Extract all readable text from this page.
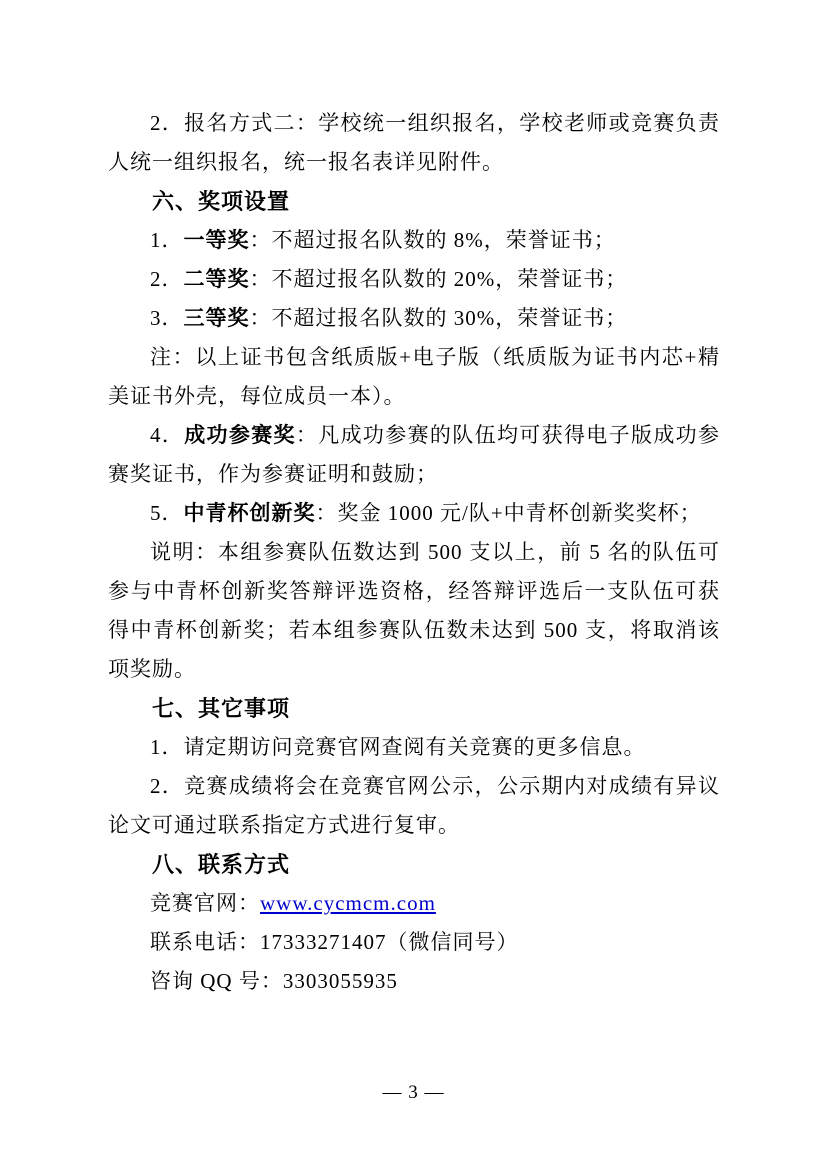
2．报名方式二：学校统一组织报名，学校老师或竞赛负责人统一组织报名，统一报名表详见附件。

六、奖项设置

1．一等奖：不超过报名队数的 8%，荣誉证书；

2．二等奖：不超过报名队数的 20%，荣誉证书；

3．三等奖：不超过报名队数的 30%，荣誉证书；

注：以上证书包含纸质版+电子版（纸质版为证书内芯+精美证书外壳，每位成员一本）。

4．成功参赛奖：凡成功参赛的队伍均可获得电子版成功参赛奖证书，作为参赛证明和鼓励；

5．中青杯创新奖：奖金 1000 元/队+中青杯创新奖奖杯；

说明：本组参赛队伍数达到 500 支以上，前 5 名的队伍可参与中青杯创新奖答辩评选资格，经答辩评选后一支队伍可获得中青杯创新奖；若本组参赛队伍数未达到 500 支，将取消该项奖励。

七、其它事项

1．请定期访问竞赛官网查阅有关竞赛的更多信息。

2．竞赛成绩将会在竞赛官网公示，公示期内对成绩有异议论文可通过联系指定方式进行复审。

八、联系方式

竞赛官网：www.cycmcm.com

联系电话：17333271407（微信同号）

咨询 QQ 号：3303055935

— 3 —
